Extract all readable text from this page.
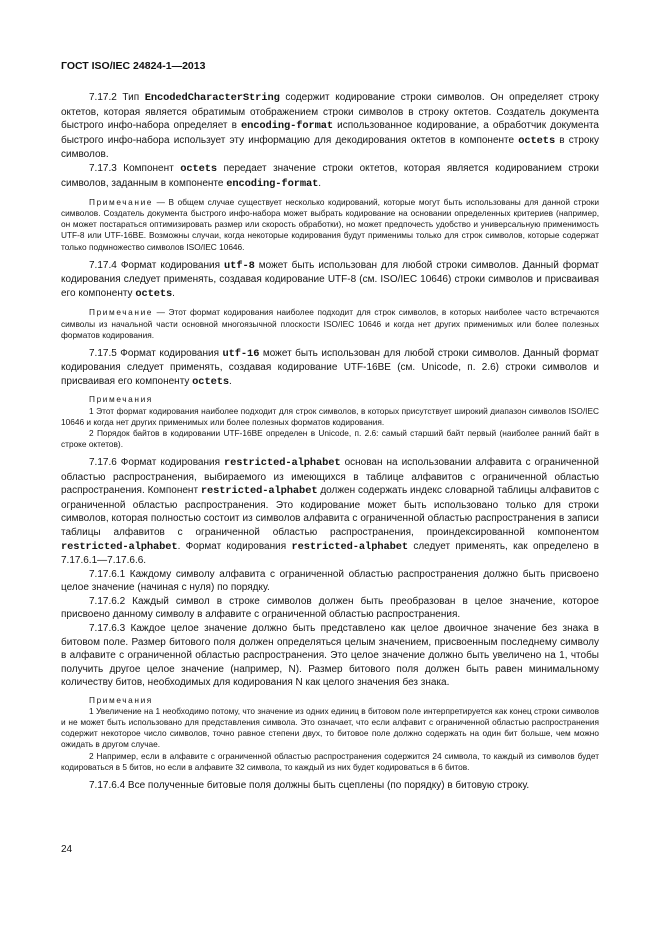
ГОСТ ISO/IEC 24824-1—2013

7.17.2 Тип EncodedCharacterString содержит кодирование строки символов. Он определяет строку октетов, которая является обратимым отображением строки символов в строку октетов. Создатель документа быстрого инфо-набора определяет в encoding-format использованное кодирование, а обработчик документа быстрого инфо-набора использует эту информацию для декодирования октетов в компоненте octets в строку символов.

7.17.3 Компонент octets передает значение строки октетов, которая является кодированием строки символов, заданным в компоненте encoding-format.

Примечание — В общем случае существует несколько кодирований, которые могут быть использованы для данной строки символов. Создатель документа быстрого инфо-набора может выбрать кодирование на основании определенных критериев (например, он может постараться оптимизировать размер или скорость обработки), но может предпочесть удобство и универсальную применимость UTF-8 или UTF-16BE. Возможны случаи, когда некоторые кодирования будут применимы только для строк символов, которые содержат только подмножество символов ISO/IEC 10646.

7.17.4 Формат кодирования utf-8 может быть использован для любой строки символов. Данный формат кодирования следует применять, создавая кодирование UTF-8 (см. ISO/IEC 10646) строки символов и присваивая его компоненту octets.

Примечание — Этот формат кодирования наиболее подходит для строк символов, в которых наиболее часто встречаются символы из начальной части основной многоязычной плоскости ISO/IEC 10646 и когда нет других применимых или более полезных форматов кодирования.

7.17.5 Формат кодирования utf-16 может быть использован для любой строки символов. Данный формат кодирования следует применять, создавая кодирование UTF-16BE (см. Unicode, п. 2.6) строки символов и присваивая его компоненту octets.

Примечания

1 Этот формат кодирования наиболее подходит для строк символов, в которых присутствует широкий диапазон символов ISO/IEC 10646 и когда нет других применимых или более полезных форматов кодирования.

2 Порядок байтов в кодировании UTF-16BE определен в Unicode, п. 2.6: самый старший байт первый (наиболее ранний байт в строке октетов).

7.17.6 Формат кодирования restricted-alphabet основан на использовании алфавита с ограниченной областью распространения, выбираемого из имеющихся в таблице алфавитов с ограниченной областью распространения. Компонент restricted-alphabet должен содержать индекс словарной таблицы алфавитов с ограниченной областью распространения. Это кодирование может быть использовано только для строки символов, которая полностью состоит из символов алфавита с ограниченной областью распространения в записи таблицы алфавитов с ограниченной областью распространения, проиндексированной компонентом restricted-alphabet. Формат кодирования restricted-alphabet следует применять, как определено в 7.17.6.1—7.17.6.6.

7.17.6.1 Каждому символу алфавита с ограниченной областью распространения должно быть присвоено целое значение (начиная с нуля) по порядку.

7.17.6.2 Каждый символ в строке символов должен быть преобразован в целое значение, которое присвоено данному символу в алфавите с ограниченной областью распространения.

7.17.6.3 Каждое целое значение должно быть представлено как целое двоичное значение без знака в битовом поле. Размер битового поля должен определяться целым значением, присвоенным последнему символу в алфавите с ограниченной областью распространения. Это целое значение должно быть увеличено на 1, чтобы получить другое целое значение (например, N). Размер битового поля должен быть равен минимальному количеству битов, необходимых для кодирования N как целого значения без знака.

Примечания

1 Увеличение на 1 необходимо потому, что значение из одних единиц в битовом поле интерпретируется как конец строки символов и не может быть использовано для представления символа. Это означает, что если алфавит с ограниченной областью распространения содержит некоторое число символов, точно равное степени двух, то битовое поле должно содержать на один бит больше, чем можно ожидать в другом случае.

2 Например, если в алфавите с ограниченной областью распространения содержится 24 символа, то каждый из символов будет кодироваться в 5 битов, но если в алфавите 32 символа, то каждый из них будет кодироваться в 6 битов.

7.17.6.4 Все полученные битовые поля должны быть сцеплены (по порядку) в битовую строку.

24
